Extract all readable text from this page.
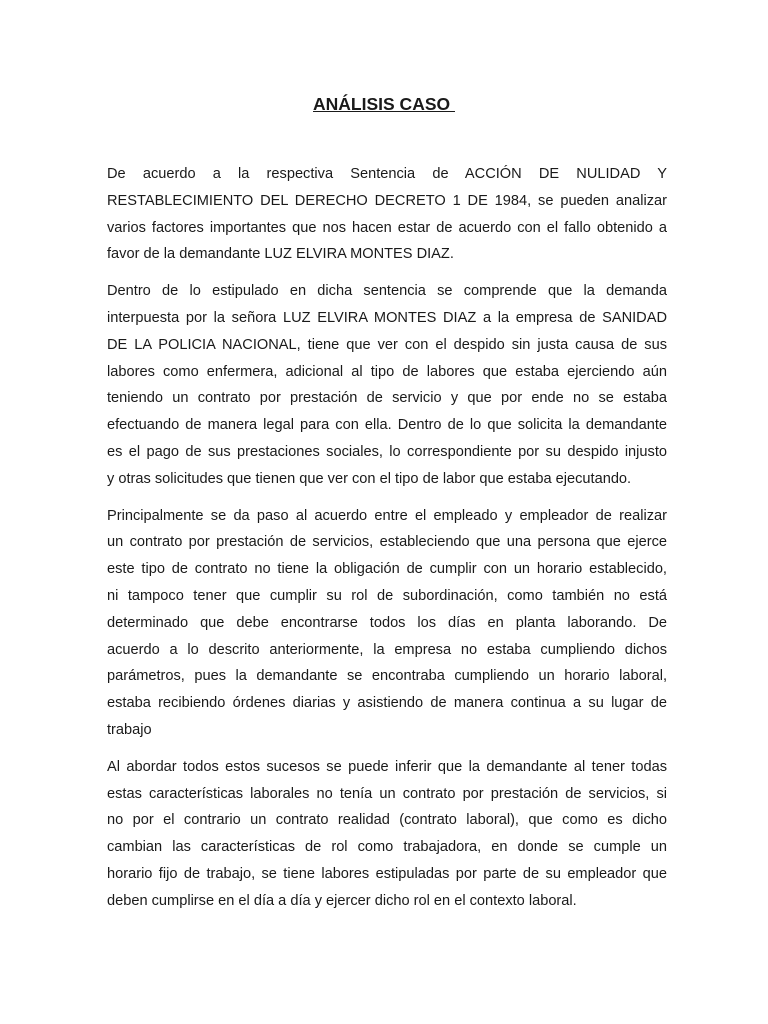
ANÁLISIS CASO
De acuerdo a la respectiva Sentencia de ACCIÓN DE NULIDAD Y
RESTABLECIMIENTO DEL DERECHO DECRETO 1 DE 1984, se pueden analizar
varios factores importantes que nos hacen estar de acuerdo con el fallo obtenido a
favor de la demandante LUZ ELVIRA MONTES DIAZ.
Dentro de lo estipulado en dicha sentencia se comprende que la demanda
interpuesta por la señora LUZ ELVIRA MONTES DIAZ a la empresa de SANIDAD
DE LA POLICIA NACIONAL, tiene que ver con el despido sin justa causa de sus
labores como enfermera, adicional al tipo de labores que estaba ejerciendo aún
teniendo un contrato por prestación de servicio y que por ende no se estaba
efectuando de manera legal para con ella. Dentro de lo que solicita la demandante
es el pago de sus prestaciones sociales, lo correspondiente por su despido injusto
y otras solicitudes que tienen que ver con el tipo de labor que estaba ejecutando.
Principalmente se da paso al acuerdo entre el empleado y empleador de realizar
un contrato por prestación de servicios, estableciendo que una persona que ejerce
este tipo de contrato no tiene la obligación de cumplir con un horario establecido,
ni tampoco tener que cumplir su rol de subordinación, como también no está
determinado que debe encontrarse todos los días en planta laborando. De
acuerdo a lo descrito anteriormente, la empresa no estaba cumpliendo dichos
parámetros, pues la demandante se encontraba cumpliendo un horario laboral,
estaba recibiendo órdenes diarias y asistiendo de manera continua a su lugar de
trabajo
Al abordar todos estos sucesos se puede inferir que la demandante al tener todas
estas características laborales no tenía un contrato por prestación de servicios, si
no por el contrario un contrato realidad (contrato laboral), que como es dicho
cambian las características de rol como trabajadora, en donde se cumple un
horario fijo de trabajo, se tiene labores estipuladas por parte de su empleador que
deben cumplirse en el día a día y ejercer dicho rol en el contexto laboral.
